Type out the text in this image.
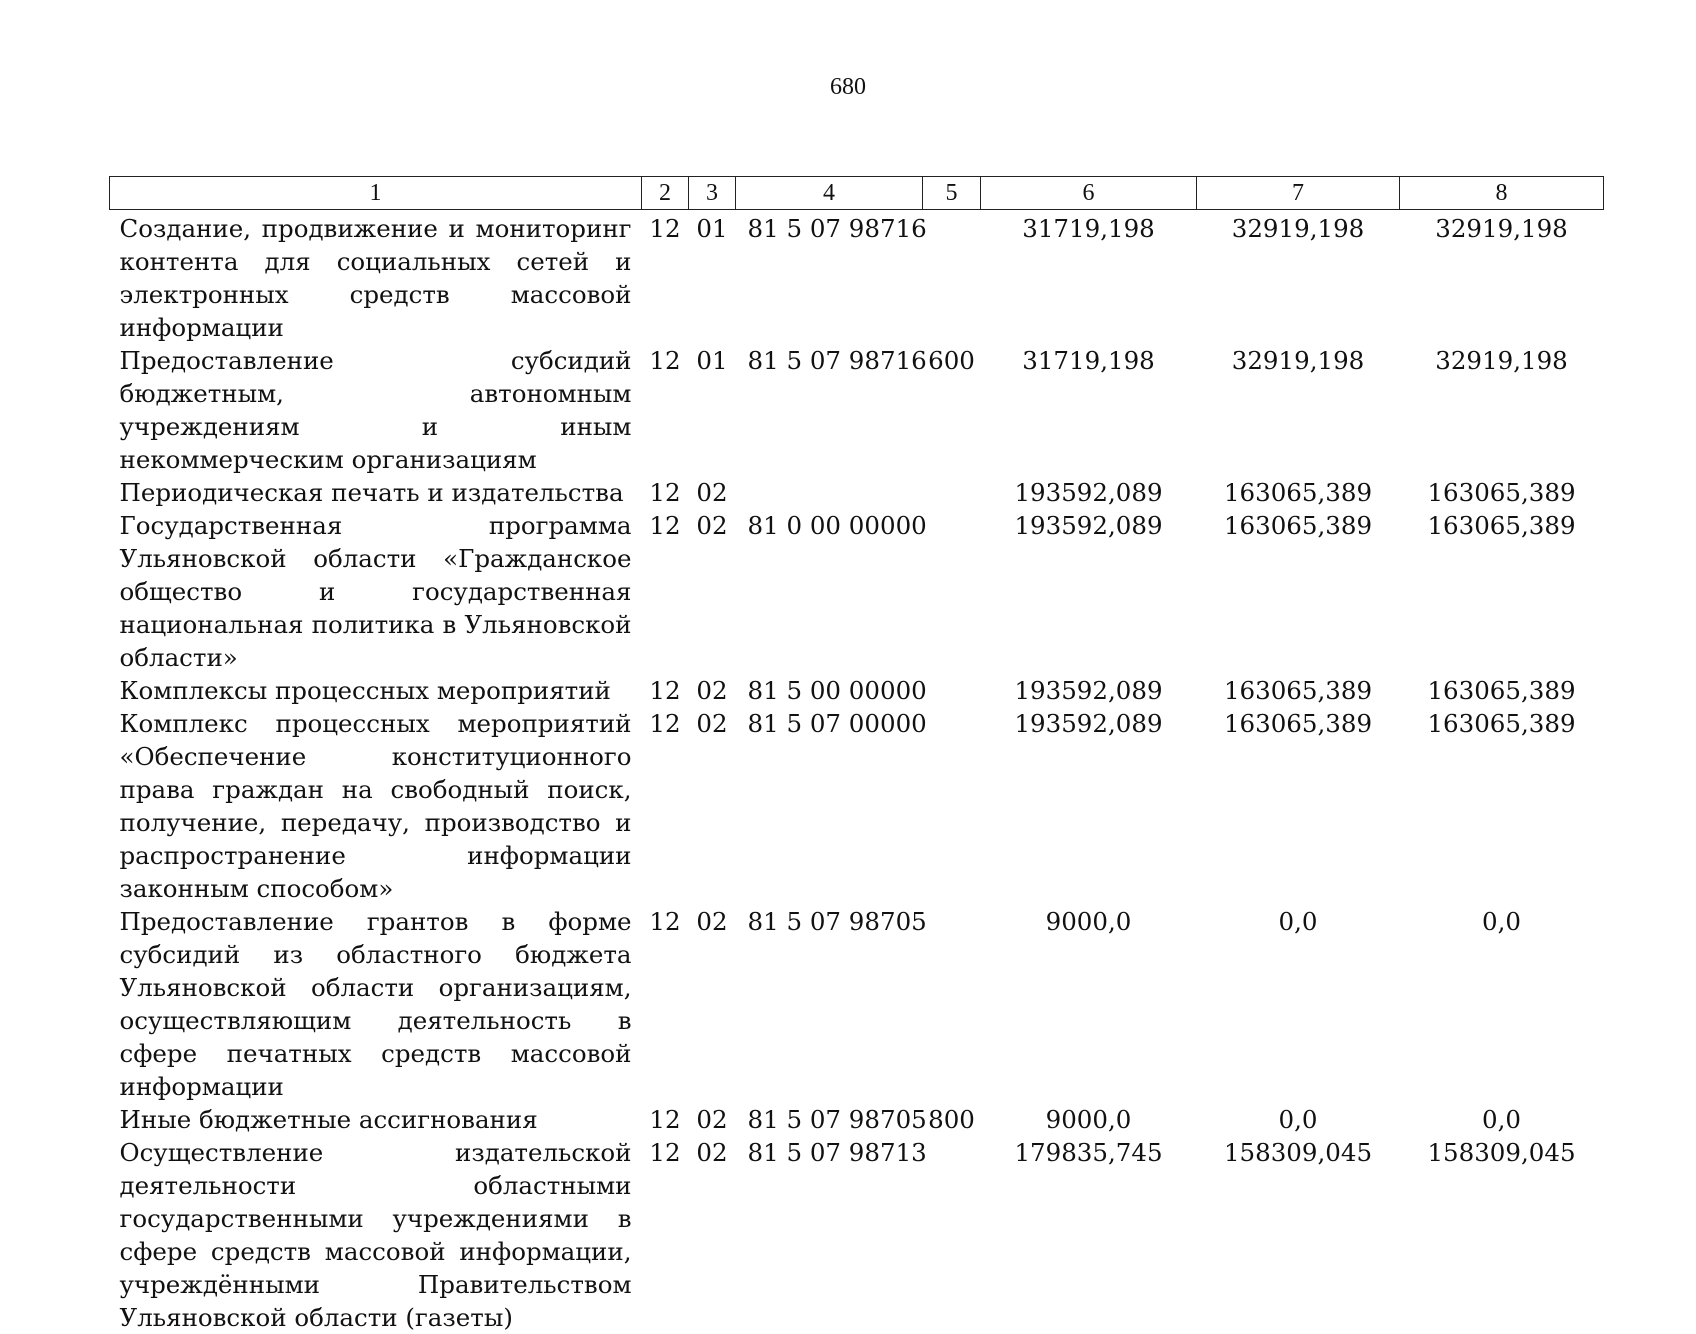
680
1	2	3	4	5	6	7	8
Создание, продвижение и мониторинг контента для социальных сетей и электронных средств массовой информации	12	01	81 5 07 98716		31719,198	32919,198	32919,198
Предоставление субсидий бюджетным, автономным учреждениям и иным некоммерческим организациям	12	01	81 5 07 98716	600	31719,198	32919,198	32919,198
Периодическая печать и издательства	12	02			193592,089	163065,389	163065,389
Государственная программа Ульяновской области «Гражданское общество и государственная национальная политика в Ульяновской области»	12	02	81 0 00 00000		193592,089	163065,389	163065,389
Комплексы процессных мероприятий	12	02	81 5 00 00000		193592,089	163065,389	163065,389
Комплекс процессных мероприятий «Обеспечение конституционного права граждан на свободный поиск, получение, передачу, производство и распространение информации законным способом»	12	02	81 5 07 00000		193592,089	163065,389	163065,389
Предоставление грантов в форме субсидий из областного бюджета Ульяновской области организациям, осуществляющим деятельность в сфере печатных средств массовой информации	12	02	81 5 07 98705		9000,0	0,0	0,0
Иные бюджетные ассигнования	12	02	81 5 07 98705	800	9000,0	0,0	0,0
Осуществление издательской деятельности областными государственными учреждениями в сфере средств массовой информации, учреждёнными Правительством Ульяновской области (газеты)	12	02	81 5 07 98713		179835,745	158309,045	158309,045
